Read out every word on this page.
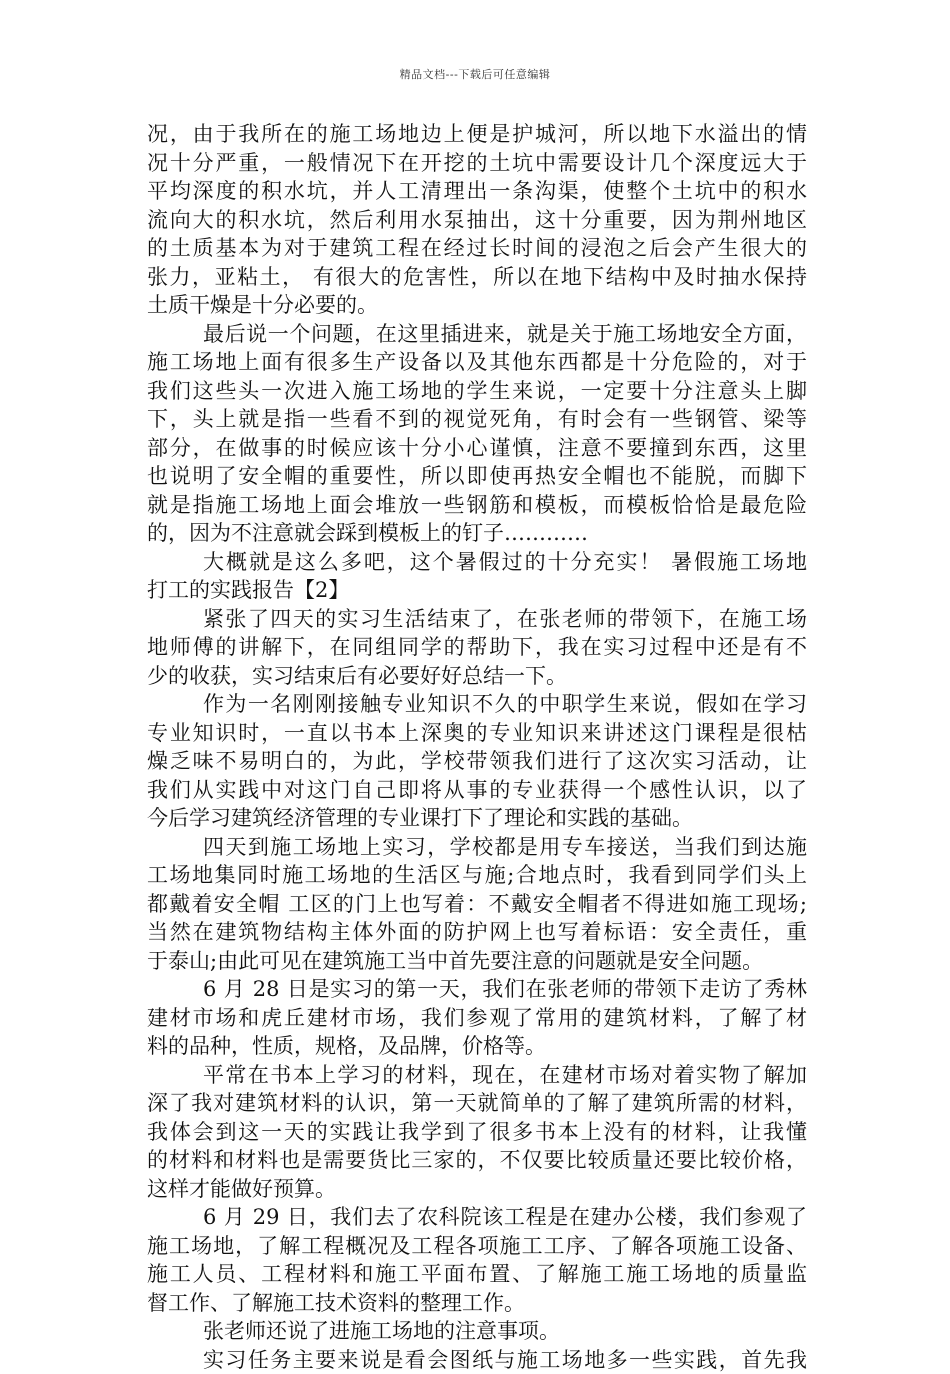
精品文档---下载后可任意编辑
况，由于我所在的施工场地边上便是护城河，所以地下水溢出的情
况十分严重，一般情况下在开挖的土坑中需要设计几个深度远大于
平均深度的积水坑，并人工清理出一条沟渠，使整个土坑中的积水
流向大的积水坑，然后利用水泵抽出，这十分重要，因为荆州地区
的土质基本为对于建筑工程在经过长时间的浸泡之后会产生很大的
张力，亚粘土， 有很大的危害性，所以在地下结构中及时抽水保持
土质干燥是十分必要的。
最后说一个问题，在这里插进来，就是关于施工场地安全方面，
施工场地上面有很多生产设备以及其他东西都是十分危险的，对于
我们这些头一次进入施工场地的学生来说，一定要十分注意头上脚
下，头上就是指一些看不到的视觉死角，有时会有一些钢管、梁等
部分，在做事的时候应该十分小心谨慎，注意不要撞到东西，这里
也说明了安全帽的重要性，所以即使再热安全帽也不能脱，而脚下
就是指施工场地上面会堆放一些钢筋和模板，而模板恰恰是最危险
的，因为不注意就会踩到模板上的钉子…………
大概就是这么多吧，这个暑假过的十分充实！ 暑假施工场地
打工的实践报告【2】
紧张了四天的实习生活结束了，在张老师的带领下，在施工场
地师傅的讲解下，在同组同学的帮助下，我在实习过程中还是有不
少的收获，实习结束后有必要好好总结一下。
作为一名刚刚接触专业知识不久的中职学生来说，假如在学习
专业知识时，一直以书本上深奥的专业知识来讲述这门课程是很枯
燥乏味不易明白的，为此，学校带领我们进行了这次实习活动，让
我们从实践中对这门自己即将从事的专业获得一个感性认识，以了
今后学习建筑经济管理的专业课打下了理论和实践的基础。
四天到施工场地上实习，学校都是用专车接送，当我们到达施
工场地集同时施工场地的生活区与施;合地点时，我看到同学们头上
都戴着安全帽 工区的门上也写着：不戴安全帽者不得进如施工现场;
当然在建筑物结构主体外面的防护网上也写着标语：安全责任，重
于泰山;由此可见在建筑施工当中首先要注意的问题就是安全问题。
6 月 28 日是实习的第一天，我们在张老师的带领下走访了秀林
建材市场和虎丘建材市场，我们参观了常用的建筑材料，了解了材
料的品种，性质，规格，及品牌，价格等。
平常在书本上学习的材料，现在，在建材市场对着实物了解加
深了我对建筑材料的认识，第一天就简单的了解了建筑所需的材料，
我体会到这一天的实践让我学到了很多书本上没有的材料，让我懂
的材料和材料也是需要货比三家的，不仅要比较质量还要比较价格，
这样才能做好预算。
6 月 29 日，我们去了农科院该工程是在建办公楼，我们参观了
施工场地，了解工程概况及工程各项施工工序、了解各项施工设备、
施工人员、工程材料和施工平面布置、了解施工施工场地的质量监
督工作、了解施工技术资料的整理工作。
张老师还说了进施工场地的注意事项。
实习任务主要来说是看会图纸与施工场地多一些实践，首先我
